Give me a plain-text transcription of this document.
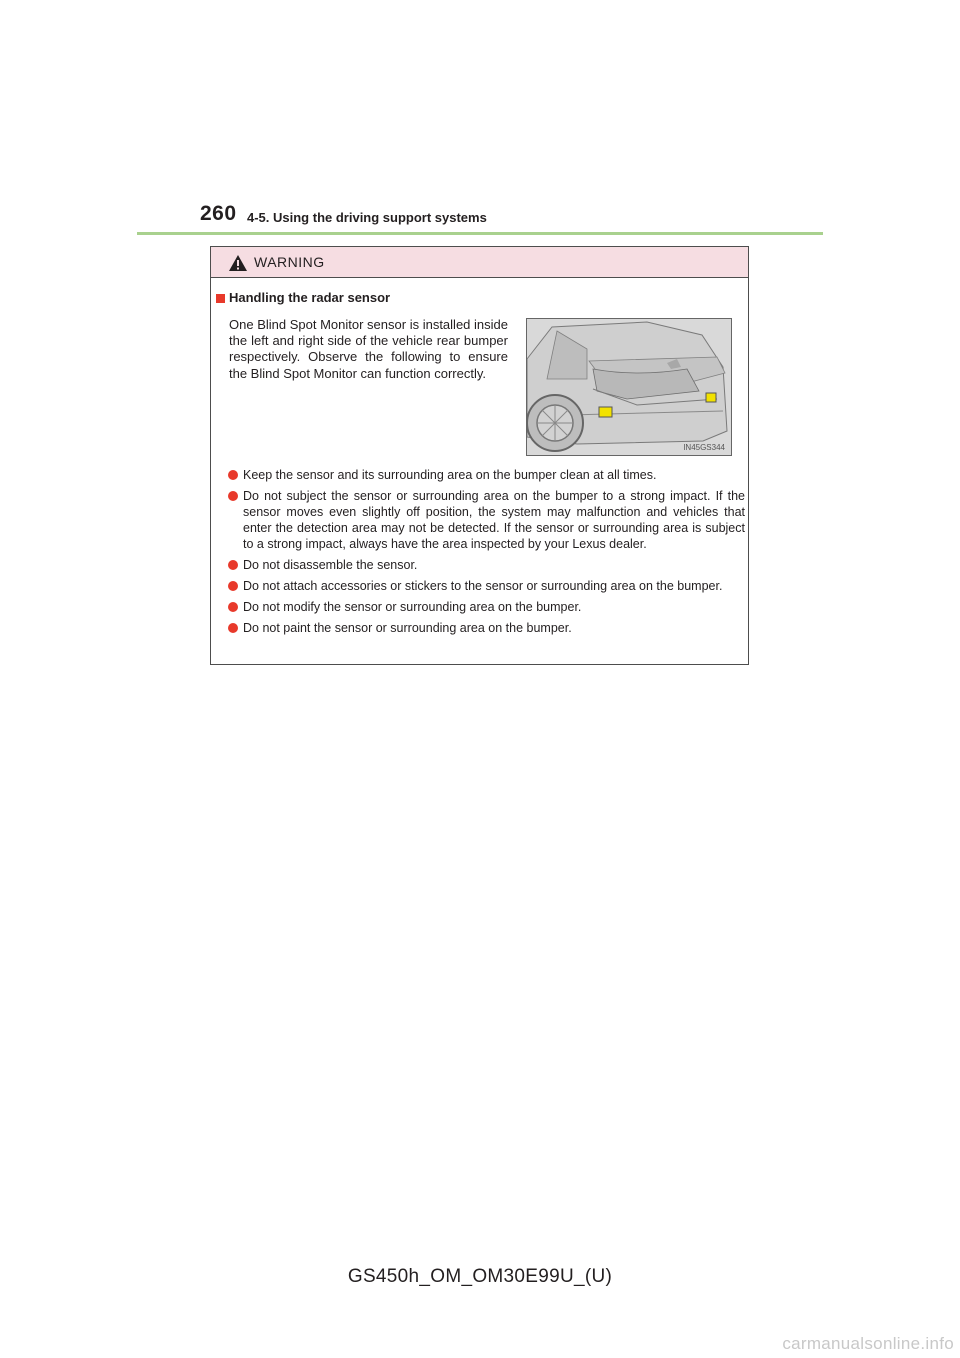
260 4-5. Using the driving support systems
WARNING
Handling the radar sensor
One Blind Spot Monitor sensor is installed inside the left and right side of the vehicle rear bumper respectively. Observe the following to ensure the Blind Spot Monitor can function correctly.
IN45GS344
Keep the sensor and its surrounding area on the bumper clean at all times.
Do not subject the sensor or surrounding area on the bumper to a strong impact. If the sensor moves even slightly off position, the system may malfunction and vehicles that enter the detection area may not be detected. If the sensor or surrounding area is subject to a strong impact, always have the area inspected by your Lexus dealer.
Do not disassemble the sensor.
Do not attach accessories or stickers to the sensor or surrounding area on the bumper.
Do not modify the sensor or surrounding area on the bumper.
Do not paint the sensor or surrounding area on the bumper.
GS450h_OM_OM30E99U_(U)
carmanualsonline.info
